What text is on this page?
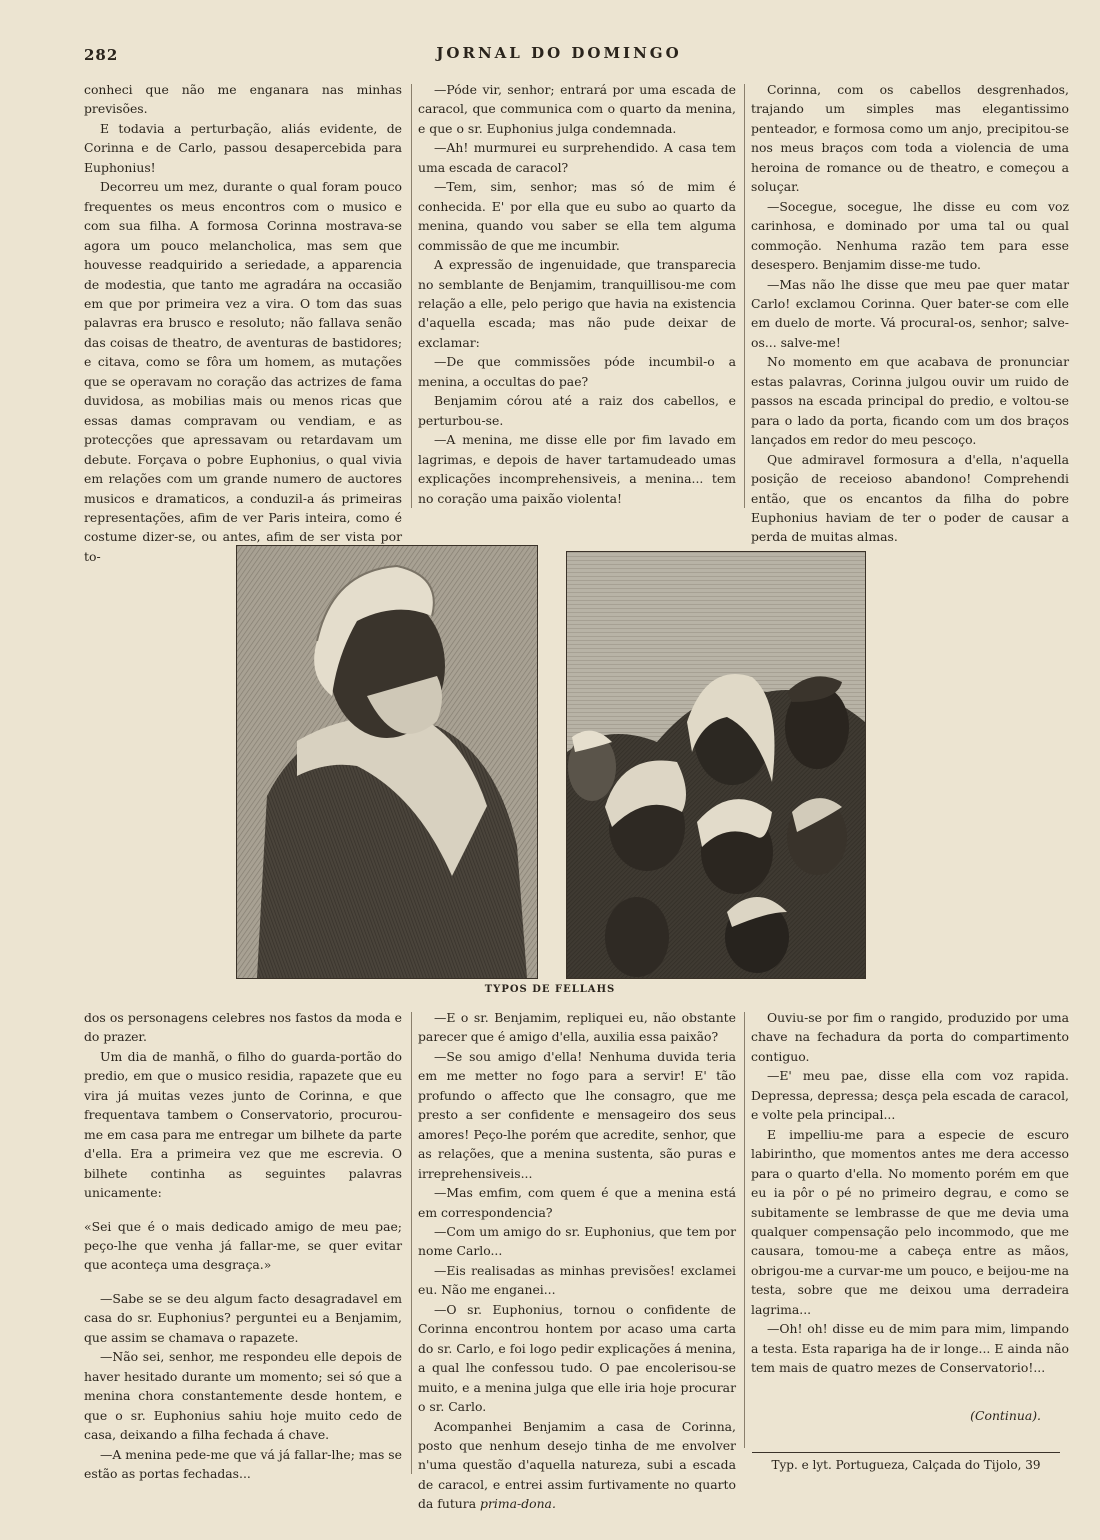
282	JORNAL DO DOMINGO

conheci que não me enganara nas minhas previsões.

E todavia a perturbação, aliás evidente, de Corinna e de Carlo, passou desapercebida para Euphonius!

Decorreu um mez, durante o qual foram pouco frequentes os meus encontros com o musico e com sua filha. A formosa Corinna mostrava-se agora um pouco melancholica, mas sem que houvesse readquirido a seriedade, a apparencia de modestia, que tanto me agradára na occasião em que por primeira vez a vira. O tom das suas palavras era brusco e resoluto; não fallava senão das coisas de theatro, de aventuras de bastidores; e citava, como se fôra um homem, as mutações que se operavam no coração das actrizes de fama duvidosa, as mobilias mais ou menos ricas que essas damas compravam ou vendiam, e as protecções que apressavam ou retardavam um debute. Forçava o pobre Euphonius, o qual vivia em relações com um grande numero de auctores musicos e dramaticos, a conduzil-a ás primeiras representações, afim de ver Paris inteira, como é costume dizer-se, ou antes, afim de ser vista por to-

—Póde vir, senhor; entrará por uma escada de caracol, que communica com o quarto da menina, e que o sr. Euphonius julga condemnada.

—Ah! murmurei eu surprehendido. A casa tem uma escada de caracol?

—Tem, sim, senhor; mas só de mim é conhecida. E' por ella que eu subo ao quarto da menina, quando vou saber se ella tem alguma commissão de que me incumbir.

A expressão de ingenuidade, que transparecia no semblante de Benjamim, tranquillisou-me com relação a elle, pelo perigo que havia na existencia d'aquella escada; mas não pude deixar de exclamar:

—De que commissões póde incumbil-o a menina, a occultas do pae?

Benjamim córou até a raiz dos cabellos, e perturbou-se.

—A menina, me disse elle por fim lavado em lagrimas, e depois de haver tartamudeado umas explicações incomprehensiveis, a menina... tem no coração uma paixão violenta!

Corinna, com os cabellos desgrenhados, trajando um simples mas elegantissimo penteador, e formosa como um anjo, precipitou-se nos meus braços com toda a violencia de uma heroina de romance ou de theatro, e começou a soluçar.

—Socegue, socegue, lhe disse eu com voz carinhosa, e dominado por uma tal ou qual commoção. Nenhuma razão tem para esse desespero. Benjamim disse-me tudo.

—Mas não lhe disse que meu pae quer matar Carlo! exclamou Corinna. Quer bater-se com elle em duelo de morte. Vá procural-os, senhor; salve-os... salve-me!

No momento em que acabava de pronunciar estas palavras, Corinna julgou ouvir um ruido de passos na escada principal do predio, e voltou-se para o lado da porta, ficando com um dos braços lançados em redor do meu pescoço.

Que admiravel formosura a d'ella, n'aquella posição de receioso abandono! Comprehendi então, que os encantos da filha do pobre Euphonius haviam de ter o poder de causar a perda de muitas almas.

TYPOS DE FELLAHS

dos os personagens celebres nos fastos da moda e do prazer.

Um dia de manhã, o filho do guarda-portão do predio, em que o musico residia, rapazete que eu vira já muitas vezes junto de Corinna, e que frequentava tambem o Conservatorio, procurou-me em casa para me entregar um bilhete da parte d'ella. Era a primeira vez que me escrevia. O bilhete continha as seguintes palavras unicamente:

«Sei que é o mais dedicado amigo de meu pae; peço-lhe que venha já fallar-me, se quer evitar que aconteça uma desgraça.»

—Sabe se se deu algum facto desagradavel em casa do sr. Euphonius? perguntei eu a Benjamim, que assim se chamava o rapazete.

—Não sei, senhor, me respondeu elle depois de haver hesitado durante um momento; sei só que a menina chora constantemente desde hontem, e que o sr. Euphonius sahiu hoje muito cedo de casa, deixando a filha fechada á chave.

—A menina pede-me que vá já fallar-lhe; mas se estão as portas fechadas...

—E o sr. Benjamim, repliquei eu, não obstante parecer que é amigo d'ella, auxilia essa paixão?

—Se sou amigo d'ella! Nenhuma duvida teria em me metter no fogo para a servir! E' tão profundo o affecto que lhe consagro, que me presto a ser confidente e mensageiro dos seus amores! Peço-lhe porém que acredite, senhor, que as relações, que a menina sustenta, são puras e irreprehensiveis...

—Mas emfim, com quem é que a menina está em correspondencia?

—Com um amigo do sr. Euphonius, que tem por nome Carlo...

—Eis realisadas as minhas previsões! exclamei eu. Não me enganei...

—O sr. Euphonius, tornou o confidente de Corinna encontrou hontem por acaso uma carta do sr. Carlo, e foi logo pedir explicações á menina, a qual lhe confessou tudo. O pae encolerisou-se muito, e a menina julga que elle iria hoje procurar o sr. Carlo.

Acompanhei Benjamim a casa de Corinna, posto que nenhum desejo tinha de me envolver n'uma questão d'aquella natureza, subi a escada de caracol, e entrei assim furtivamente no quarto da futura prima-dona.

Ouviu-se por fim o rangido, produzido por uma chave na fechadura da porta do compartimento contiguo.

—E' meu pae, disse ella com voz rapida. Depressa, depressa; desça pela escada de caracol, e volte pela principal...

E impelliu-me para a especie de escuro labirintho, que momentos antes me dera accesso para o quarto d'ella. No momento porém em que eu ia pôr o pé no primeiro degrau, e como se subitamente se lembrasse de que me devia uma qualquer compensação pelo incommodo, que me causara, tomou-me a cabeça entre as mãos, obrigou-me a curvar-me um pouco, e beijou-me na testa, sobre que me deixou uma derradeira lagrima...

—Oh! oh! disse eu de mim para mim, limpando a testa. Esta rapariga ha de ir longe... E ainda não tem mais de quatro mezes de Conservatorio!...

(Continua).

Typ. e lyt. Portugueza, Calçada do Tijolo, 39
